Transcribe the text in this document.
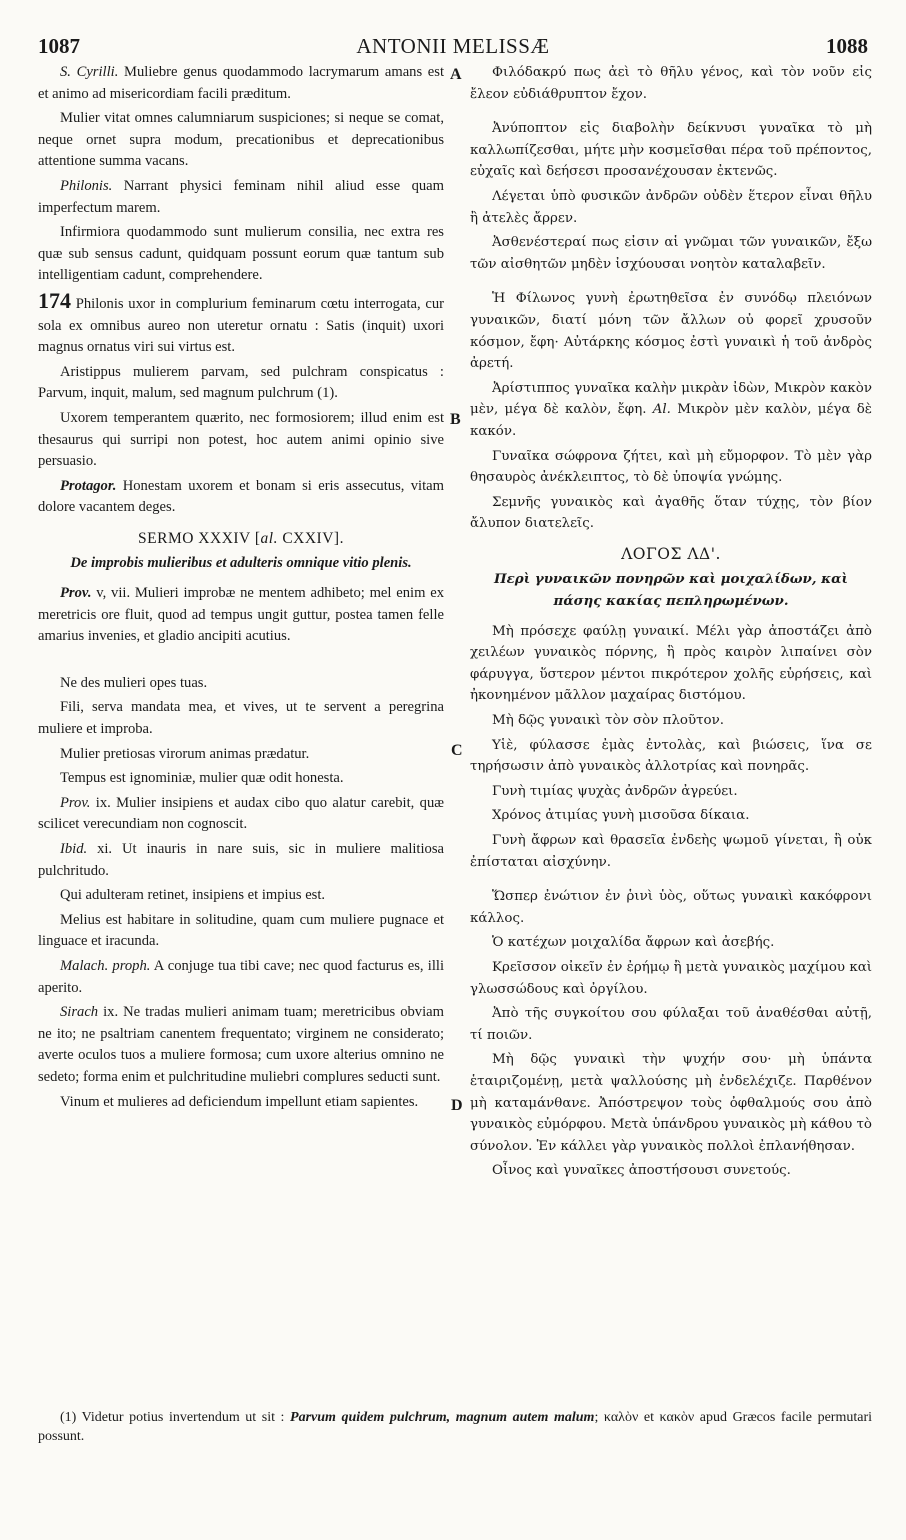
1087	ANTONII MELISSÆ	1088
A
B
C
D

S. Cyrilli. Muliebre genus quodammodo lacrymarum amans est et animo ad misericordiam facili præditum.

Mulier vitat omnes calumniarum suspiciones; si neque se comat, neque ornet supra modum, precationibus et deprecationibus attentione summa vacans.

Philonis. Narrant physici feminam nihil aliud esse quam imperfectum marem.

Infirmiora quodammodo sunt mulierum consilia, nec extra res quæ sub sensus cadunt, quidquam possunt eorum quæ tantum sub intelligentiam cadunt, comprehendere.

174 Philonis uxor in complurium feminarum cœtu interrogata, cur sola ex omnibus aureo non uteretur ornatu : Satis (inquit) uxori magnus ornatus viri sui virtus est.

Aristippus mulierem parvam, sed pulchram conspicatus : Parvum, inquit, malum, sed magnum pulchrum (1).

Uxorem temperantem quærito, nec formosiorem; illud enim est thesaurus qui surripi non potest, hoc autem animi opinio sive persuasio.

Protagor. Honestam uxorem et bonam si eris assecutus, vitam dolore vacantem deges.

SERMO XXXIV [al. CXXIV].

De improbis mulieribus et adulteris omnique vitio plenis.

Prov. v, vii. Mulieri improbæ ne mentem adhibeto; mel enim ex meretricis ore fluit, quod ad tempus ungit guttur, postea tamen felle amarius invenies, et gladio ancipiti acutius.

Ne des mulieri opes tuas.

Fili, serva mandata mea, et vives, ut te servent a peregrina muliere et improba.

Mulier pretiosas virorum animas prædatur.

Tempus est ignominiæ, mulier quæ odit honesta.

Prov. ix. Mulier insipiens et audax cibo quo alatur carebit, quæ scilicet verecundiam non cognoscit.

Ibid. xi. Ut inauris in nare suis, sic in muliere malitiosa pulchritudo.

Qui adulteram retinet, insipiens et impius est.

Melius est habitare in solitudine, quam cum muliere pugnace et linguace et iracunda.

Malach. proph. A conjuge tua tibi cave; nec quod facturus es, illi aperito.

Sirach ix. Ne tradas mulieri animam tuam; meretricibus obviam ne ito; ne psaltriam canentem frequentato; virginem ne considerato; averte oculos tuos a muliere formosa; cum uxore alterius omnino ne sedeto; forma enim et pulchritudine muliebri complures seducti sunt.

Vinum et mulieres ad deficiendum impellunt etiam sapientes.

Φιλόδακρύ πως ἀεὶ τὸ θῆλυ γένος, καὶ τὸν νοῦν εἰς ἔλεον εὐδιάθρυπτον ἔχον.

Ἀνύποπτον εἰς διαβολὴν δείκνυσι γυναῖκα τὸ μὴ καλλωπίζεσθαι, μήτε μὴν κοσμεῖσθαι πέρα τοῦ πρέποντος, εὐχαῖς καὶ δεήσεσι προσανέχουσαν ἐκτενῶς.

Λέγεται ὑπὸ φυσικῶν ἀνδρῶν οὐδὲν ἕτερον εἶναι θῆλυ ἢ ἀτελὲς ἄρρεν.

Ἀσθενέστεραί πως εἰσιν αἱ γνῶμαι τῶν γυναικῶν, ἔξω τῶν αἰσθητῶν μηδὲν ἰσχύουσαι νοητὸν καταλαβεῖν.

Ἡ Φίλωνος γυνὴ ἐρωτηθεῖσα ἐν συνόδῳ πλειόνων γυναικῶν, διατί μόνη τῶν ἄλλων οὐ φορεῖ χρυσοῦν κόσμον, ἔφη· Αὐτάρκης κόσμος ἐστὶ γυναικὶ ἡ τοῦ ἀνδρὸς ἀρετή.

Ἀρίστιππος γυναῖκα καλὴν μικρὰν ἰδὼν, Μικρὸν κακὸν μὲν, μέγα δὲ καλὸν, ἔφη. Al. Μικρὸν μὲν καλὸν, μέγα δὲ κακόν.

Γυναῖκα σώφρονα ζήτει, καὶ μὴ εὔμορφον. Τὸ μὲν γὰρ θησαυρὸς ἀνέκλειπτος, τὸ δὲ ὑποψία γνώμης.

Σεμνῆς γυναικὸς καὶ ἀγαθῆς ὅταν τύχῃς, τὸν βίον ἄλυπον διατελεῖς.

ΛΟΓΟΣ ΛΔ'.

Περὶ γυναικῶν πονηρῶν καὶ μοιχαλίδων, καὶ πάσης κακίας πεπληρωμένων.

Μὴ πρόσεχε φαύλῃ γυναικί. Μέλι γὰρ ἀποστάζει ἀπὸ χειλέων γυναικὸς πόρνης, ἣ πρὸς καιρὸν λιπαίνει σὸν φάρυγγα, ὕστερον μέντοι πικρότερον χολῆς εὑρήσεις, καὶ ἠκονημένον μᾶλλον μαχαίρας διστόμου.

Μὴ δῷς γυναικὶ τὸν σὸν πλοῦτον.

Υἱὲ, φύλασσε ἐμὰς ἐντολὰς, καὶ βιώσεις, ἵνα σε τηρήσωσιν ἀπὸ γυναικὸς ἀλλοτρίας καὶ πονηρᾶς.

Γυνὴ τιμίας ψυχὰς ἀνδρῶν ἀγρεύει.

Χρόνος ἀτιμίας γυνὴ μισοῦσα δίκαια.

Γυνὴ ἄφρων καὶ θρασεῖα ἐνδεὴς ψωμοῦ γίνεται, ἣ οὐκ ἐπίσταται αἰσχύνην.

Ὥσπερ ἐνώτιον ἐν ῥινὶ ὑὸς, οὕτως γυναικὶ κακόφρονι κάλλος.

Ὁ κατέχων μοιχαλίδα ἄφρων καὶ ἀσεβής.

Κρεῖσσον οἰκεῖν ἐν ἐρήμῳ ἢ μετὰ γυναικὸς μαχίμου καὶ γλωσσώδους καὶ ὀργίλου.

Ἀπὸ τῆς συγκοίτου σου φύλαξαι τοῦ ἀναθέσθαι αὐτῇ, τί ποιῶν.

Μὴ δῷς γυναικὶ τὴν ψυχήν σου· μὴ ὑπάντα ἑταιριζομένῃ, μετὰ ψαλλούσης μὴ ἐνδελέχιζε. Παρθένον μὴ καταμάνθανε. Ἀπόστρεψον τοὺς ὀφθαλμούς σου ἀπὸ γυναικὸς εὐμόρφου. Μετὰ ὑπάνδρου γυναικὸς μὴ κάθου τὸ σύνολον. Ἐν κάλλει γὰρ γυναικὸς πολλοὶ ἐπλανήθησαν.

Οἶνος καὶ γυναῖκες ἀποστήσουσι συνετούς.

(1) Videtur potius invertendum ut sit : Parvum quidem pulchrum, magnum autem malum; καλὸν et κακὸν apud Græcos facile permutari possunt.
